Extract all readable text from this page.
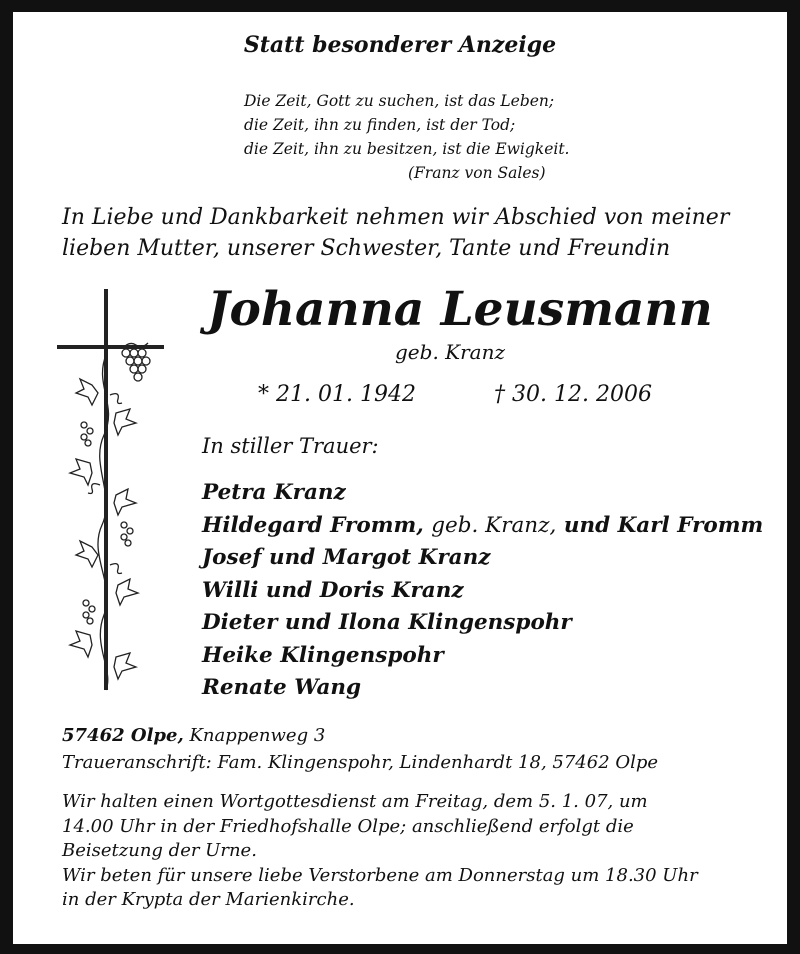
Statt besonderer Anzeige
Die Zeit, Gott zu suchen, ist das Leben;
die Zeit, ihn zu finden, ist der Tod;
die Zeit, ihn zu besitzen, ist die Ewigkeit.
(Franz von Sales)
In Liebe und Dankbarkeit nehmen wir Abschied von meiner
lieben Mutter, unserer Schwester, Tante und Freundin
Johanna Leusmann
geb. Kranz
* 21. 01. 1942	† 30. 12. 2006
In stiller Trauer:
Petra Kranz
Hildegard Fromm, geb. Kranz, und Karl Fromm
Josef und Margot Kranz
Willi und Doris Kranz
Dieter und Ilona Klingenspohr
Heike Klingenspohr
Renate Wang
57462 Olpe, Knappenweg 3
Traueranschrift: Fam. Klingenspohr, Lindenhardt 18, 57462 Olpe
Wir halten einen Wortgottesdienst am Freitag, dem 5. 1. 07, um
14.00 Uhr in der Friedhofshalle Olpe; anschließend erfolgt die
Beisetzung der Urne.
Wir beten für unsere liebe Verstorbene am Donnerstag um 18.30 Uhr
in der Krypta der Marienkirche.
